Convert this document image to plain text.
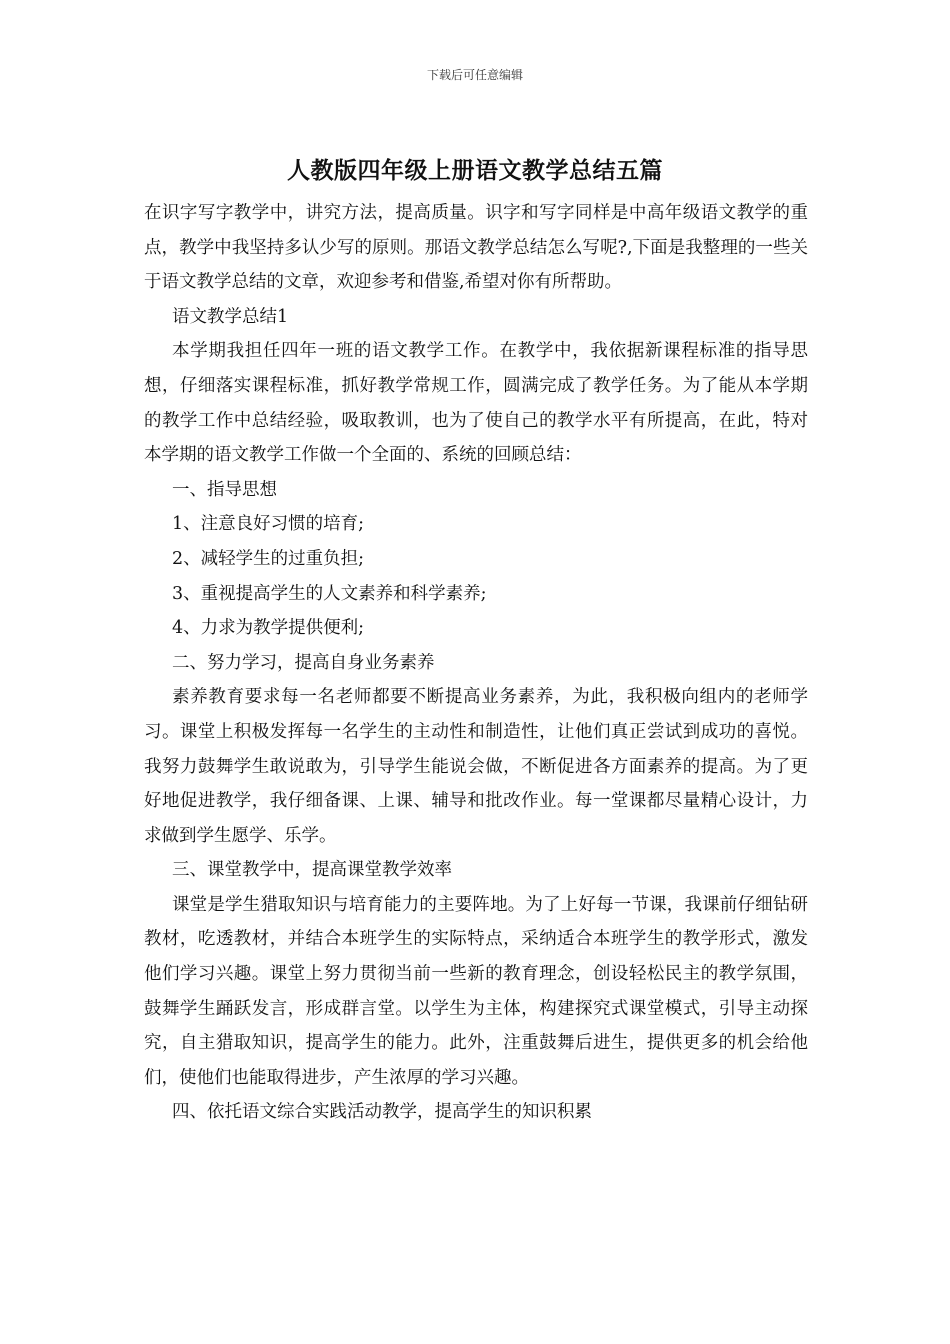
下载后可任意编辑
人教版四年级上册语文教学总结五篇

在识字写字教学中，讲究方法，提高质量。识字和写字同样是中高年级语文教学的重点，教学中我坚持多认少写的原则。那语文教学总结怎么写呢?,下面是我整理的一些关于语文教学总结的文章，欢迎参考和借鉴,希望对你有所帮助。

语文教学总结1

本学期我担任四年一班的语文教学工作。在教学中，我依据新课程标准的指导思想，仔细落实课程标准，抓好教学常规工作，圆满完成了教学任务。为了能从本学期的教学工作中总结经验，吸取教训，也为了使自己的教学水平有所提高，在此，特对本学期的语文教学工作做一个全面的、系统的回顾总结：

一、指导思想

1、注意良好习惯的培育;

2、减轻学生的过重负担;

3、重视提高学生的人文素养和科学素养;

4、力求为教学提供便利;

二、努力学习，提高自身业务素养

素养教育要求每一名老师都要不断提高业务素养，为此，我积极向组内的老师学习。课堂上积极发挥每一名学生的主动性和制造性，让他们真正尝试到成功的喜悦。我努力鼓舞学生敢说敢为，引导学生能说会做，不断促进各方面素养的提高。为了更好地促进教学，我仔细备课、上课、辅导和批改作业。每一堂课都尽量精心设计，力求做到学生愿学、乐学。

三、课堂教学中，提高课堂教学效率

课堂是学生猎取知识与培育能力的主要阵地。为了上好每一节课，我课前仔细钻研教材，吃透教材，并结合本班学生的实际特点，采纳适合本班学生的教学形式，激发他们学习兴趣。课堂上努力贯彻当前一些新的教育理念，创设轻松民主的教学氛围，鼓舞学生踊跃发言，形成群言堂。以学生为主体，构建探究式课堂模式，引导主动探究，自主猎取知识，提高学生的能力。此外，注重鼓舞后进生，提供更多的机会给他们，使他们也能取得进步，产生浓厚的学习兴趣。

四、依托语文综合实践活动教学，提高学生的知识积累
